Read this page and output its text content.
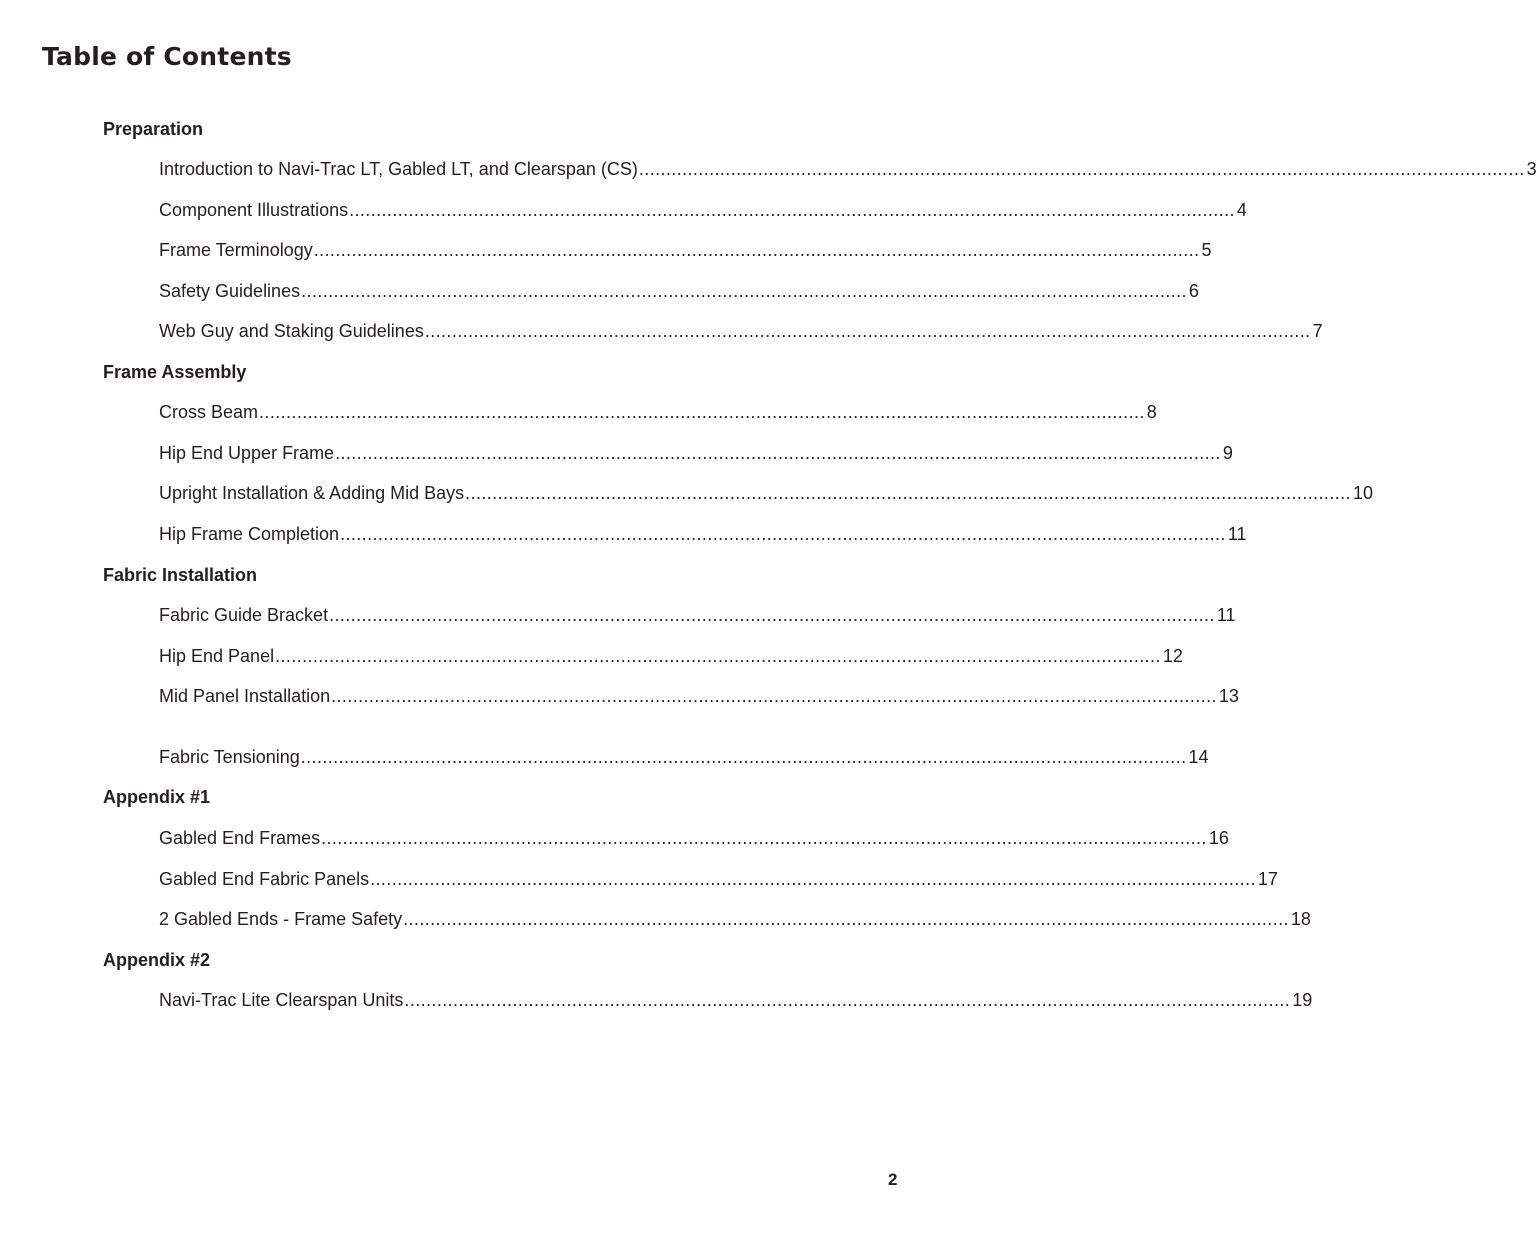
Table of Contents
Preparation
Introduction to Navi-Trac LT, Gabled LT, and Clearspan (CS) .................................................................................................................................................................... 3
Component Illustrations .................................................................................................................................................................... 4
Frame Terminology .................................................................................................................................................................... 5
Safety Guidelines .................................................................................................................................................................... 6
Web Guy and Staking Guidelines .................................................................................................................................................................... 7
Frame Assembly
Cross Beam .................................................................................................................................................................... 8
Hip End Upper Frame .................................................................................................................................................................... 9
Upright Installation & Adding Mid Bays .................................................................................................................................................................... 10
Hip Frame Completion .................................................................................................................................................................... 11
Fabric Installation
Fabric Guide Bracket .................................................................................................................................................................... 11
Hip End Panel .................................................................................................................................................................... 12
Mid Panel Installation .................................................................................................................................................................... 13
Fabric Tensioning .................................................................................................................................................................... 14
Appendix #1
Gabled End Frames .................................................................................................................................................................... 16
Gabled End Fabric Panels .................................................................................................................................................................... 17
2 Gabled Ends - Frame Safety .................................................................................................................................................................... 18
Appendix #2
Navi-Trac Lite Clearspan Units .................................................................................................................................................................... 19
2
